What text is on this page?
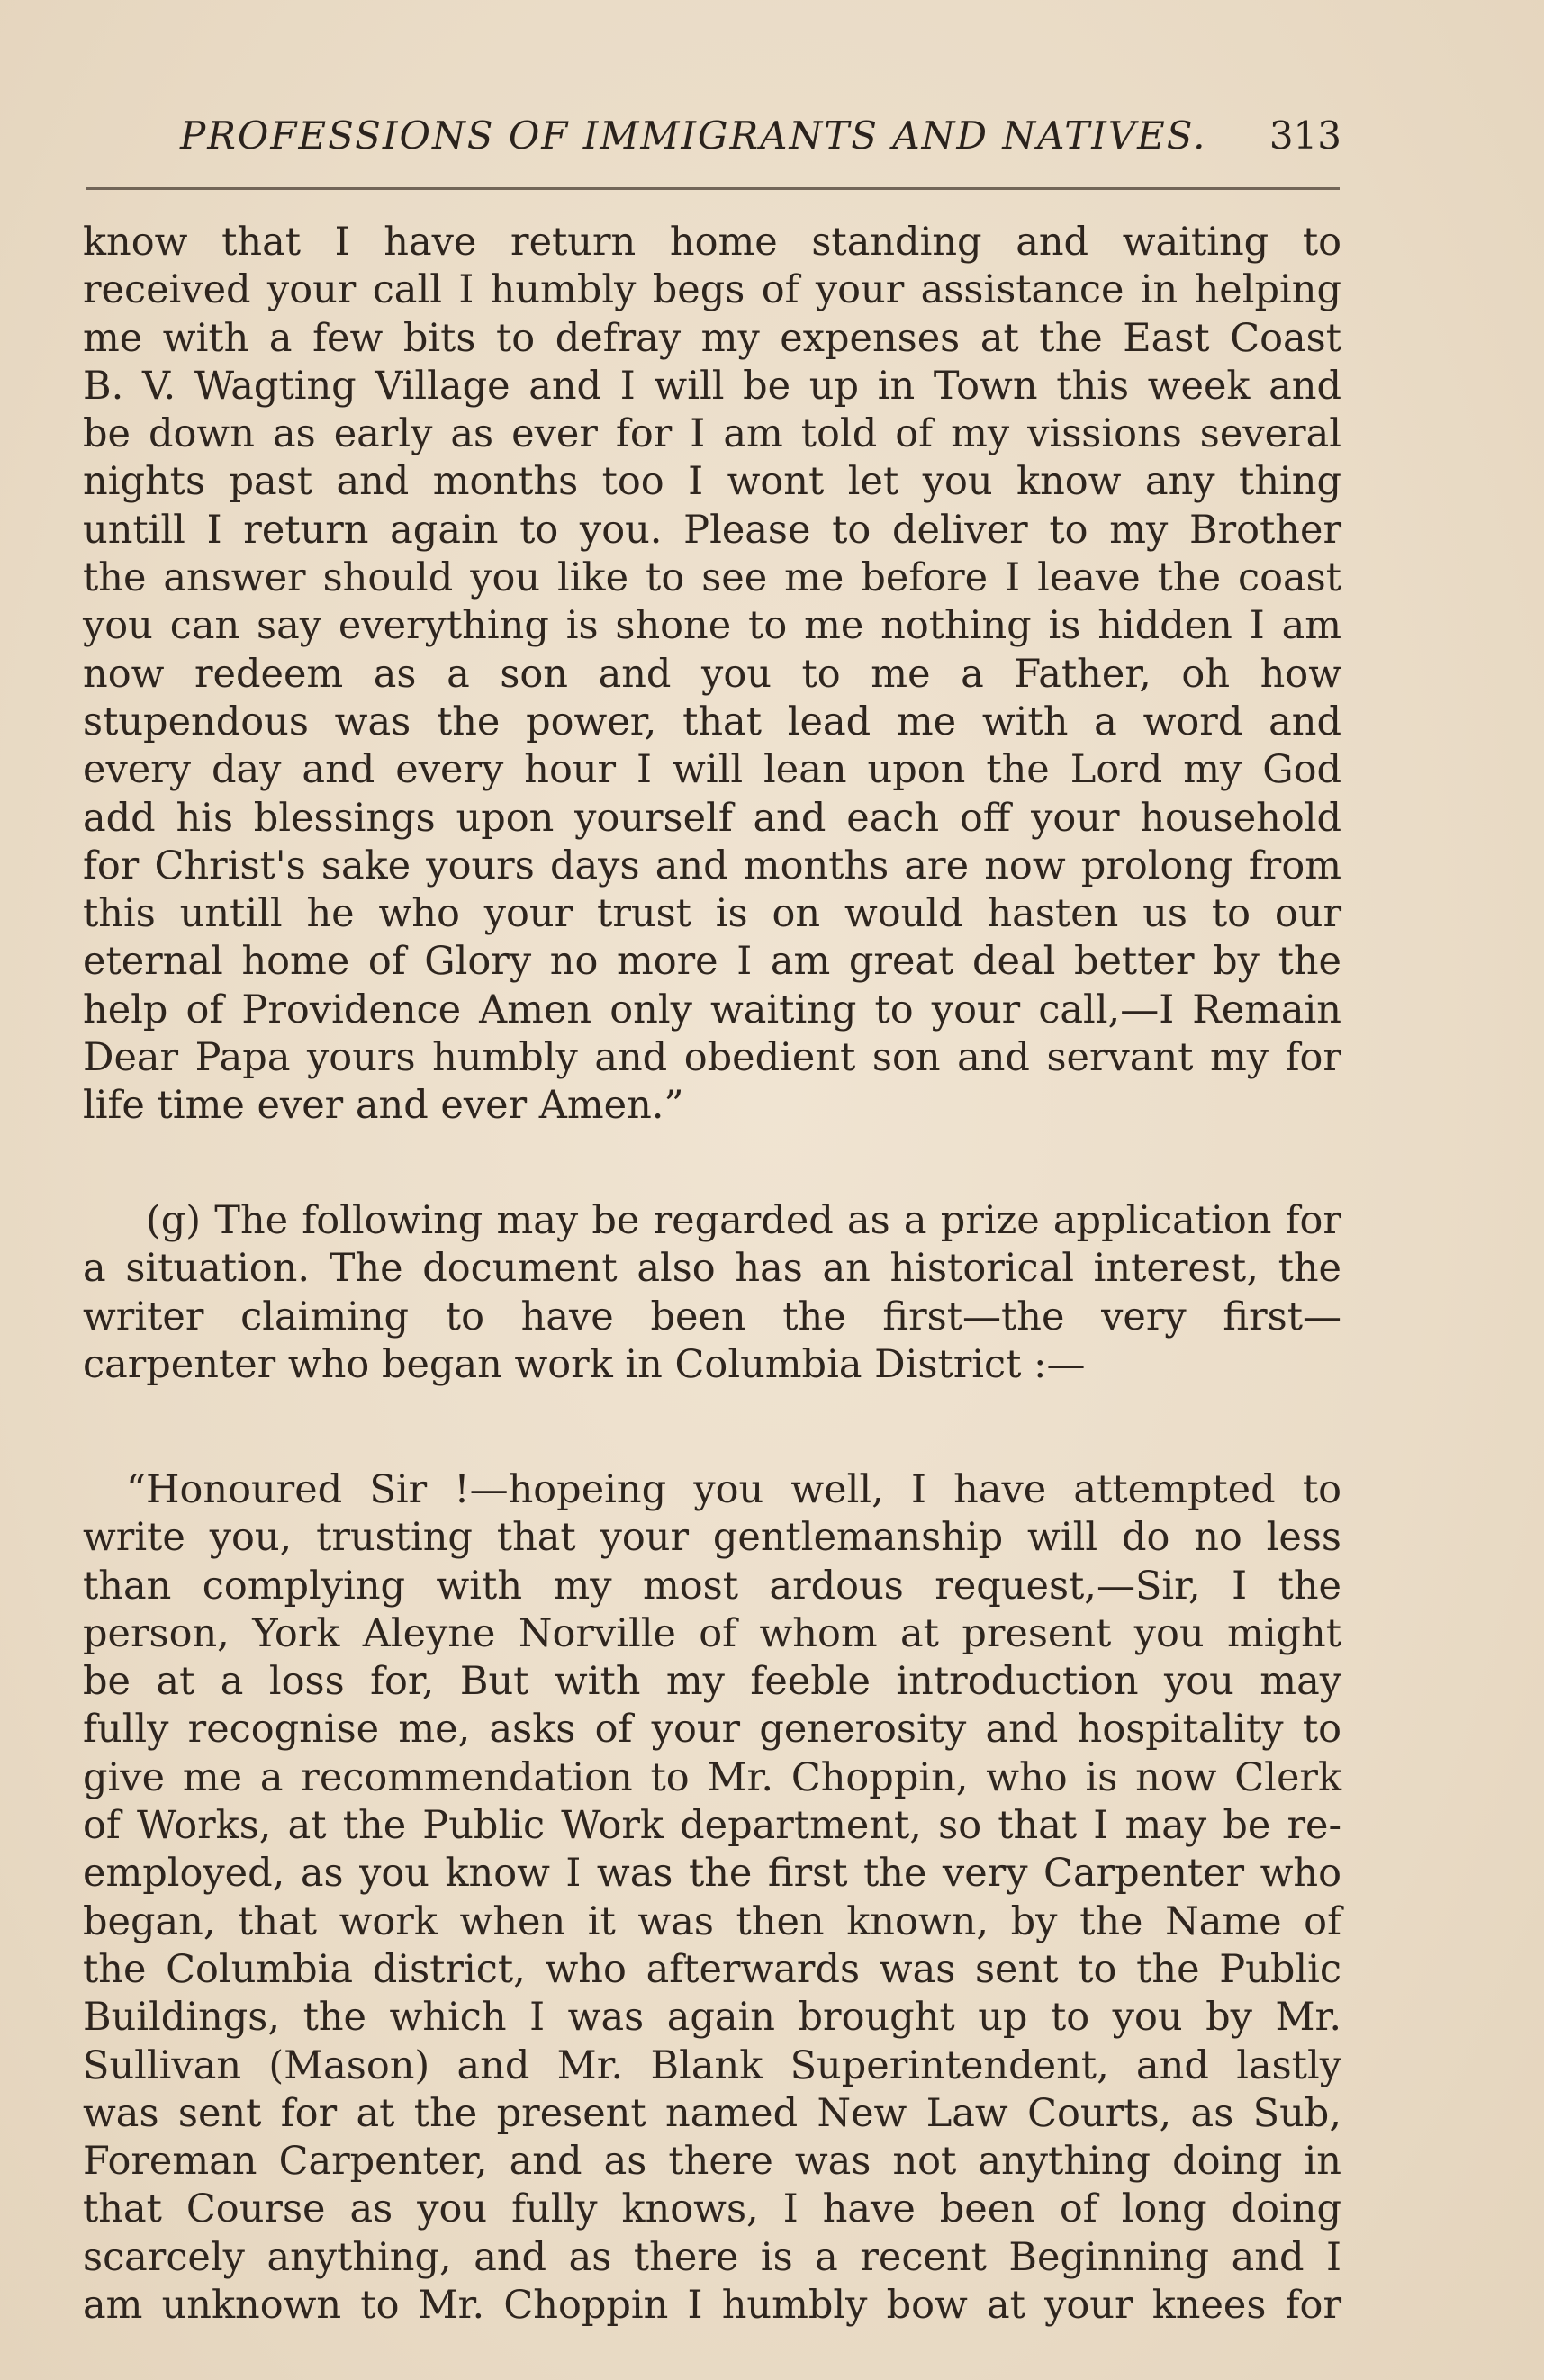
PROFESSIONS OF IMMIGRANTS AND NATIVES. 313
know that I have return home standing and waiting to
received your call I humbly begs of your assistance in helping
me with a few bits to defray my expenses at the East Coast
B. V. Wagting Village and I will be up in Town this week and
be down as early as ever for I am told of my vissions several
nights past and months too I wont let you know any thing
untill I return again to you. Please to deliver to my Brother
the answer should you like to see me before I leave the coast
you can say everything is shone to me nothing is hidden I am
now redeem as a son and you to me a Father, oh how
stupendous was the power, that lead me with a word and
every day and every hour I will lean upon the Lord my God
add his blessings upon yourself and each off your household
for Christ's sake yours days and months are now prolong from
this untill he who your trust is on would hasten us to our
eternal home of Glory no more I am great deal better by the
help of Providence Amen only waiting to your call,—I Remain
Dear Papa yours humbly and obedient son and servant my for
life time ever and ever Amen.”
(g) The following may be regarded as a prize application for
a situation. The document also has an historical interest, the
writer claiming to have been the first—the very first—
carpenter who began work in Columbia District :—
“Honoured Sir !—hopeing you well, I have attempted to
write you, trusting that your gentlemanship will do no less
than complying with my most ardous request,—Sir, I the
person, York Aleyne Norville of whom at present you might
be at a loss for, But with my feeble introduction you may
fully recognise me, asks of your generosity and hospitality to
give me a recommendation to Mr. Choppin, who is now Clerk
of Works, at the Public Work department, so that I may be re-
employed, as you know I was the first the very Carpenter who
began, that work when it was then known, by the Name of
the Columbia district, who afterwards was sent to the Public
Buildings, the which I was again brought up to you by Mr.
Sullivan (Mason) and Mr. Blank Superintendent, and lastly
was sent for at the present named New Law Courts, as Sub,
Foreman Carpenter, and as there was not anything doing in
that Course as you fully knows, I have been of long doing
scarcely anything, and as there is a recent Beginning and I
am unknown to Mr. Choppin I humbly bow at your knees for
